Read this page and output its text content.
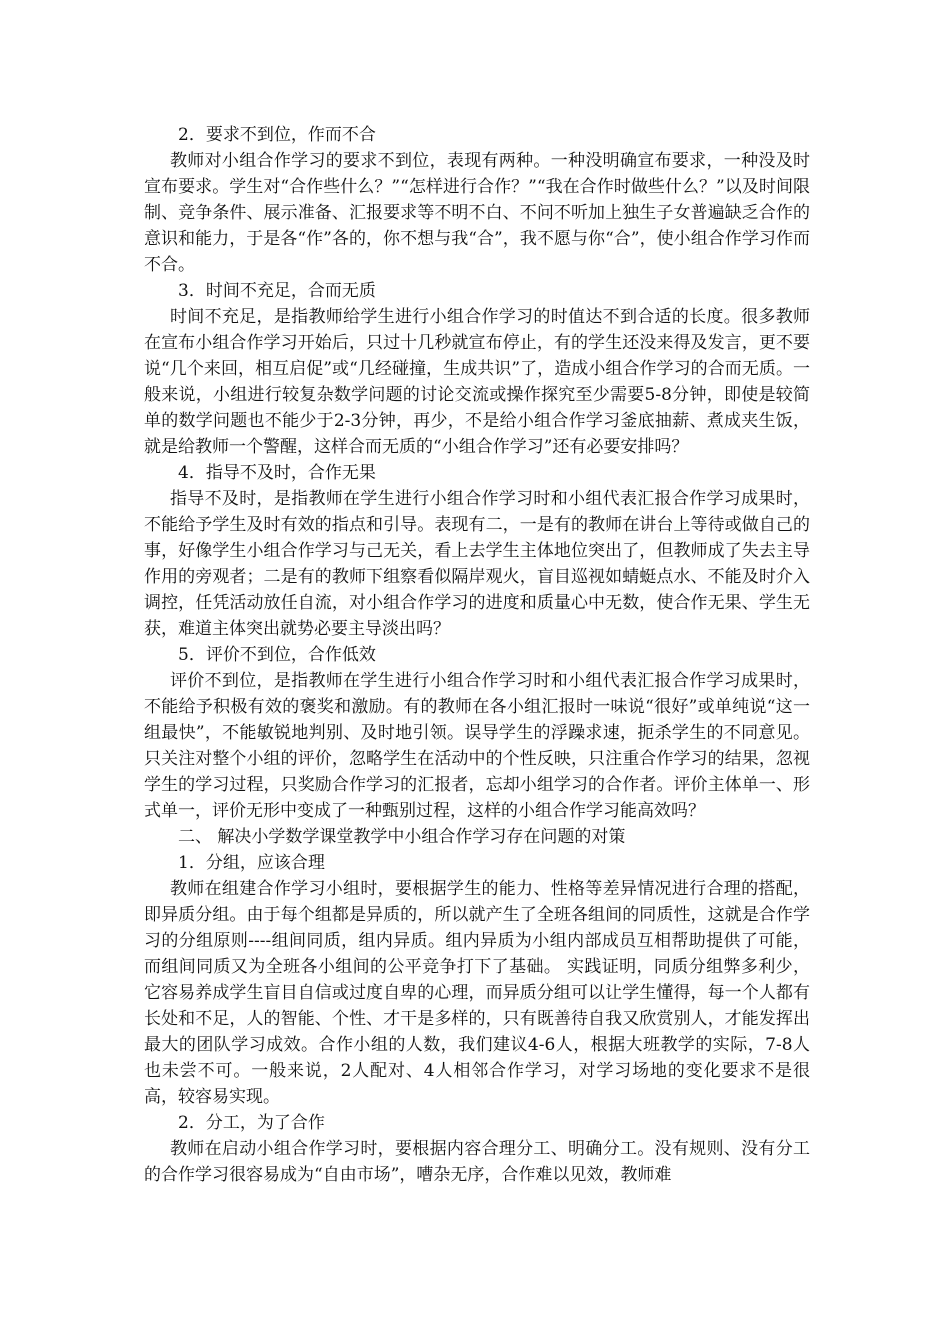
2．要求不到位，作而不合

教师对小组合作学习的要求不到位，表现有两种。一种没明确宣布要求，一种没及时宣布要求。学生对“合作些什么？”“怎样进行合作？”“我在合作时做些什么？”以及时间限制、竞争条件、展示准备、汇报要求等不明不白、不问不听加上独生子女普遍缺乏合作的意识和能力，于是各“作”各的，你不想与我“合”，我不愿与你“合”，使小组合作学习作而不合。

3．时间不充足，合而无质

时间不充足，是指教师给学生进行小组合作学习的时值达不到合适的长度。很多教师在宣布小组合作学习开始后，只过十几秒就宣布停止，有的学生还没来得及发言，更不要说“几个来回，相互启促”或“几经碰撞，生成共识”了，造成小组合作学习的合而无质。一般来说，小组进行较复杂数学问题的讨论交流或操作探究至少需要5-8分钟，即使是较简单的数学问题也不能少于2-3分钟，再少，不是给小组合作学习釜底抽薪、煮成夹生饭，就是给教师一个警醒，这样合而无质的“小组合作学习”还有必要安排吗？

4．指导不及时，合作无果

指导不及时，是指教师在学生进行小组合作学习时和小组代表汇报合作学习成果时，不能给予学生及时有效的指点和引导。表现有二，一是有的教师在讲台上等待或做自己的事，好像学生小组合作学习与己无关，看上去学生主体地位突出了，但教师成了失去主导作用的旁观者；二是有的教师下组察看似隔岸观火，盲目巡视如蜻蜓点水、不能及时介入调控，任凭活动放任自流，对小组合作学习的进度和质量心中无数，使合作无果、学生无获，难道主体突出就势必要主导淡出吗？

5．评价不到位，合作低效

评价不到位，是指教师在学生进行小组合作学习时和小组代表汇报合作学习成果时，不能给予积极有效的褒奖和激励。有的教师在各小组汇报时一味说“很好”或单纯说“这一组最快”，不能敏锐地判别、及时地引领。误导学生的浮躁求速，扼杀学生的不同意见。只关注对整个小组的评价，忽略学生在活动中的个性反映，只注重合作学习的结果，忽视学生的学习过程，只奖励合作学习的汇报者，忘却小组学习的合作者。评价主体单一、形式单一，评价无形中变成了一种甄别过程，这样的小组合作学习能高效吗？

二、 解决小学数学课堂教学中小组合作学习存在问题的对策

1．分组，应该合理

教师在组建合作学习小组时，要根据学生的能力、性格等差异情况进行合理的搭配，即异质分组。由于每个组都是异质的，所以就产生了全班各组间的同质性，这就是合作学习的分组原则----组间同质，组内异质。组内异质为小组内部成员互相帮助提供了可能，而组间同质又为全班各小组间的公平竞争打下了基础。 实践证明，同质分组弊多利少，它容易养成学生盲目自信或过度自卑的心理，而异质分组可以让学生懂得，每一个人都有长处和不足，人的智能、个性、才干是多样的，只有既善待自我又欣赏别人，才能发挥出最大的团队学习成效。合作小组的人数，我们建议4-6人，根据大班教学的实际，7-8人也未尝不可。一般来说，2人配对、4人相邻合作学习，对学习场地的变化要求不是很高，较容易实现。

2．分工，为了合作

教师在启动小组合作学习时，要根据内容合理分工、明确分工。没有规则、没有分工的合作学习很容易成为“自由市场”，嘈杂无序，合作难以见效，教师难
